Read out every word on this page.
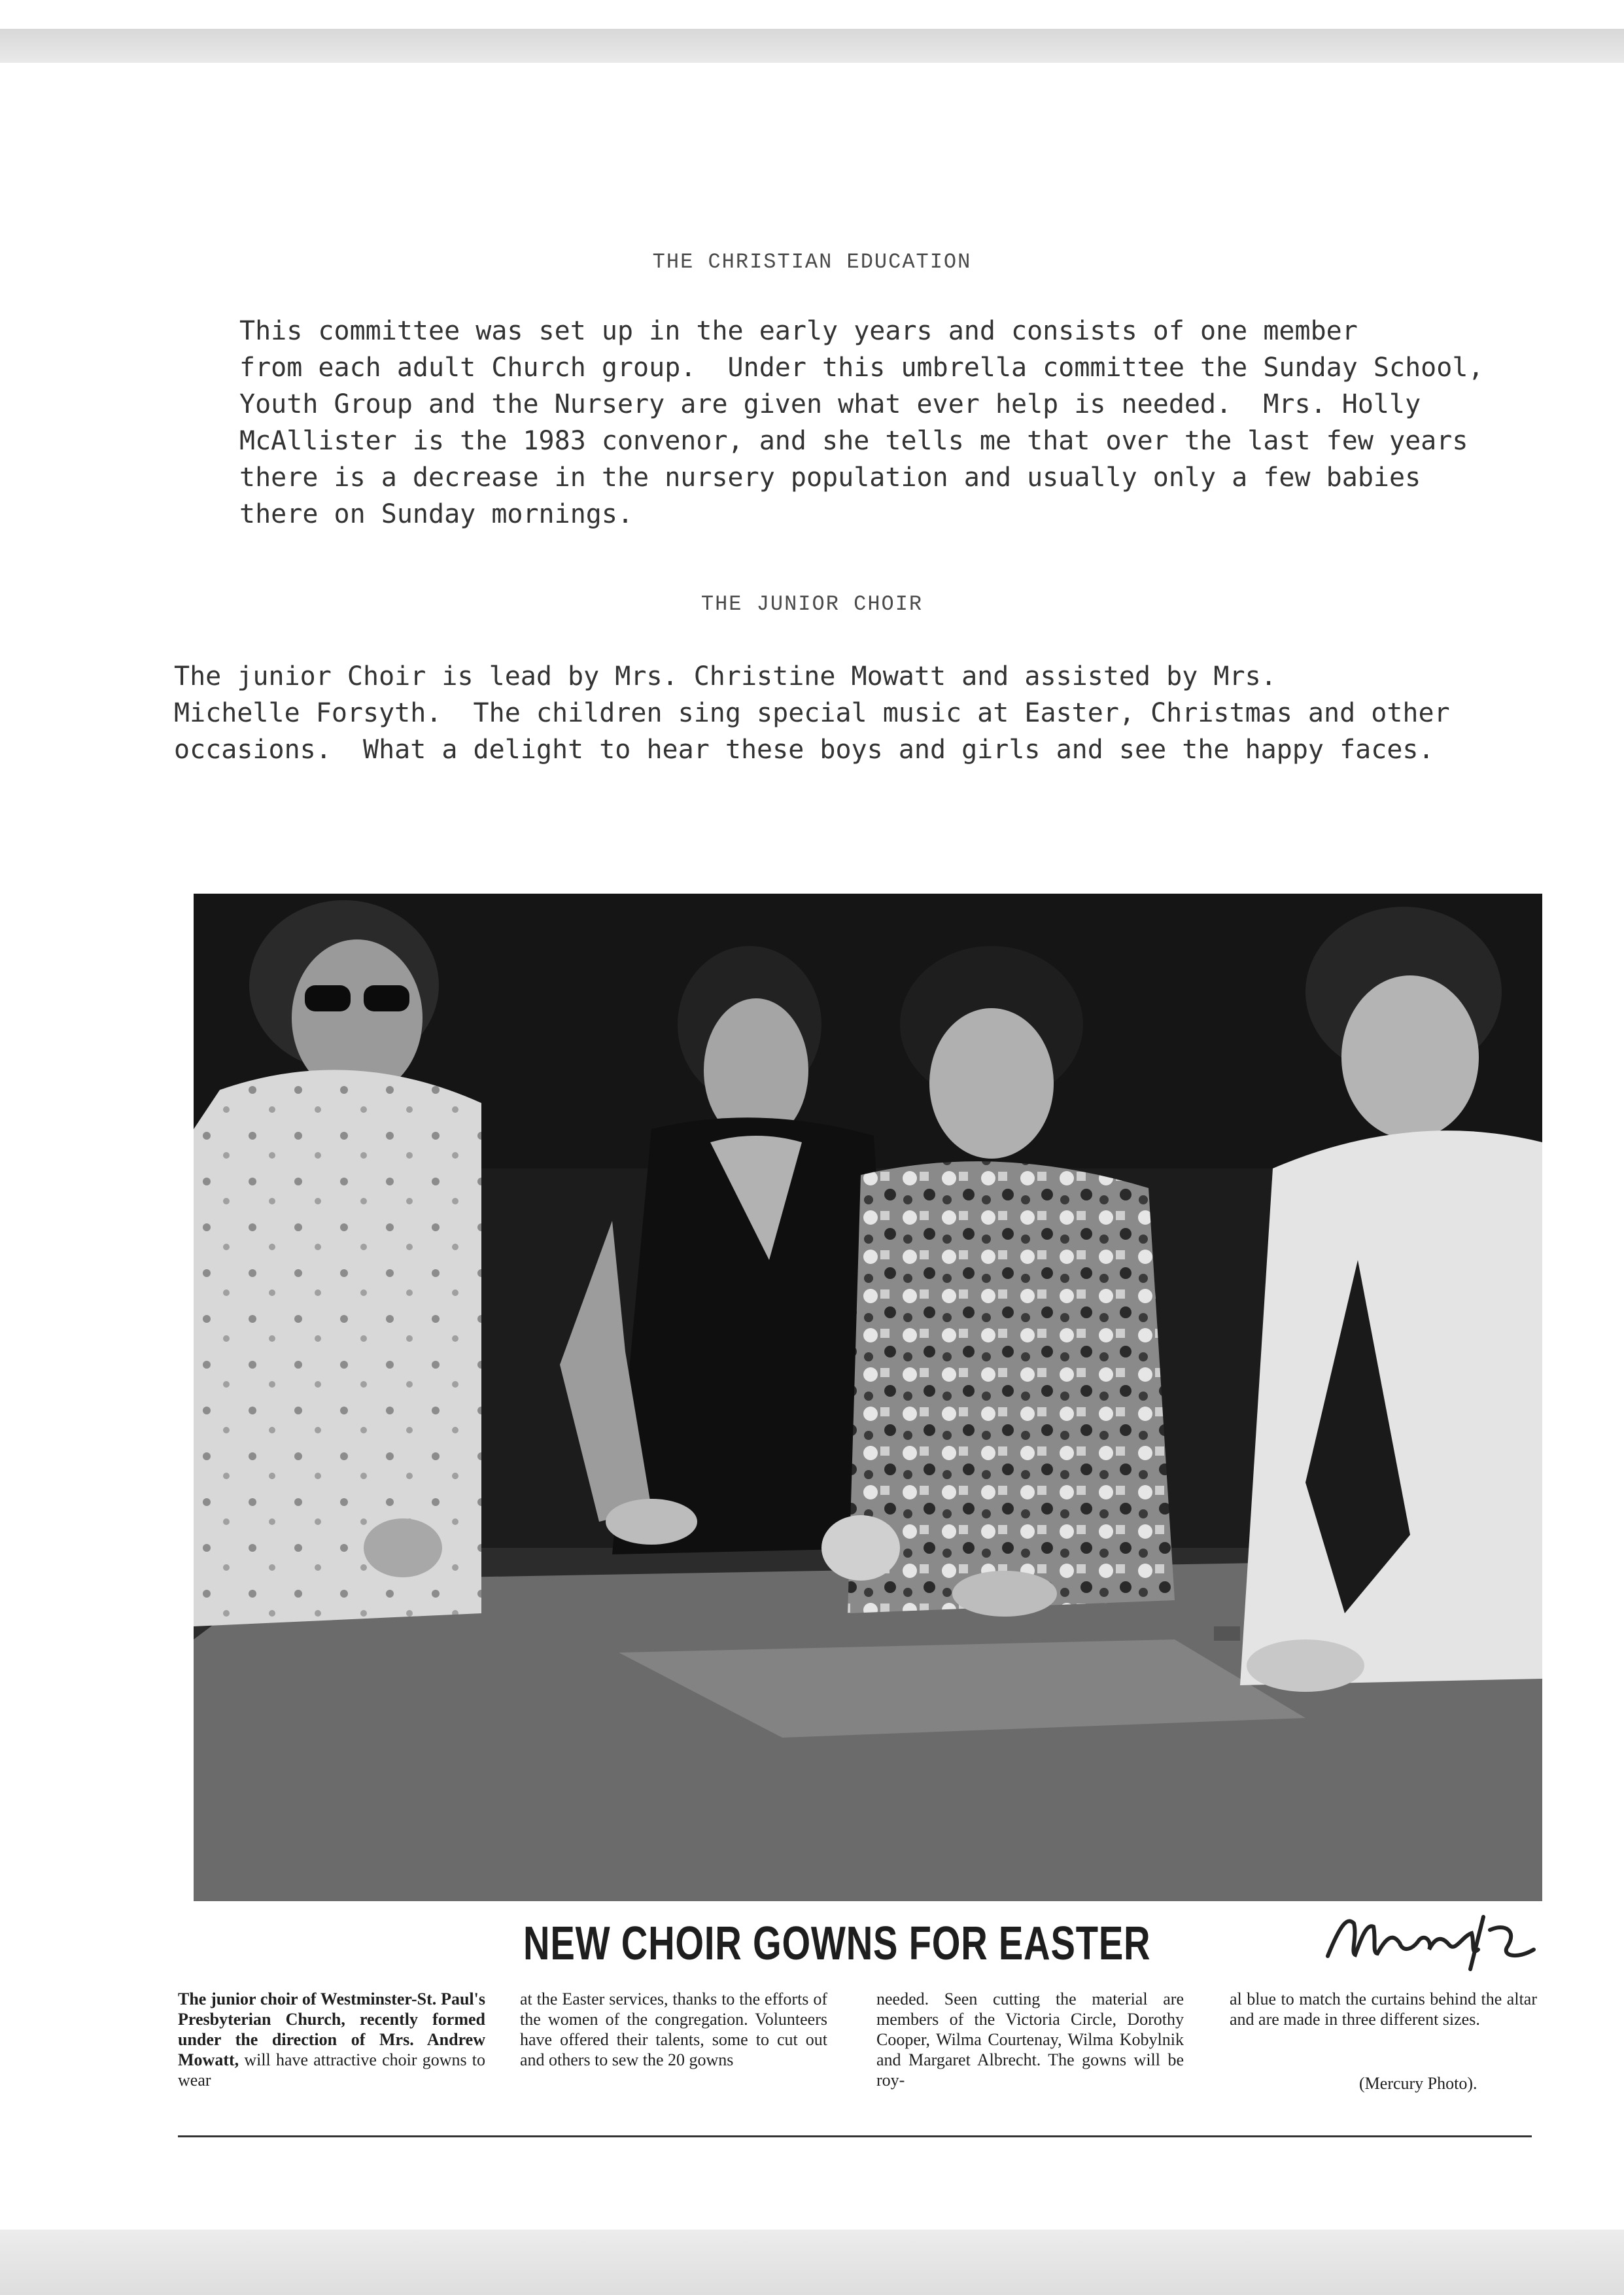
THE CHRISTIAN EDUCATION
This committee was set up in the early years and consists of one member
from each adult Church group.  Under this umbrella committee the Sunday School,
Youth Group and the Nursery are given what ever help is needed.  Mrs. Holly
McAllister is the 1983 convenor, and she tells me that over the last few years
there is a decrease in the nursery population and usually only a few babies
there on Sunday mornings.
THE JUNIOR CHOIR
The junior Choir is lead by Mrs. Christine Mowatt and assisted by Mrs.
Michelle Forsyth.  The children sing special music at Easter, Christmas and other
occasions.  What a delight to hear these boys and girls and see the happy faces.
NEW CHOIR GOWNS FOR EASTER
The junior choir of Westminster-St. Paul's Presbyterian Church, recently formed under the direction of Mrs. Andrew Mowatt, will have attractive choir gowns to wear
at the Easter services, thanks to the efforts of the women of the congregation. Volunteers have offered their talents, some to cut out and others to sew the 20 gowns
needed. Seen cutting the material are members of the Victoria Circle, Dorothy Cooper, Wilma Courtenay, Wilma Kobylnik and Margaret Albrecht. The gowns will be roy-
al blue to match the curtains behind the altar and are made in three different sizes.
(Mercury Photo).
